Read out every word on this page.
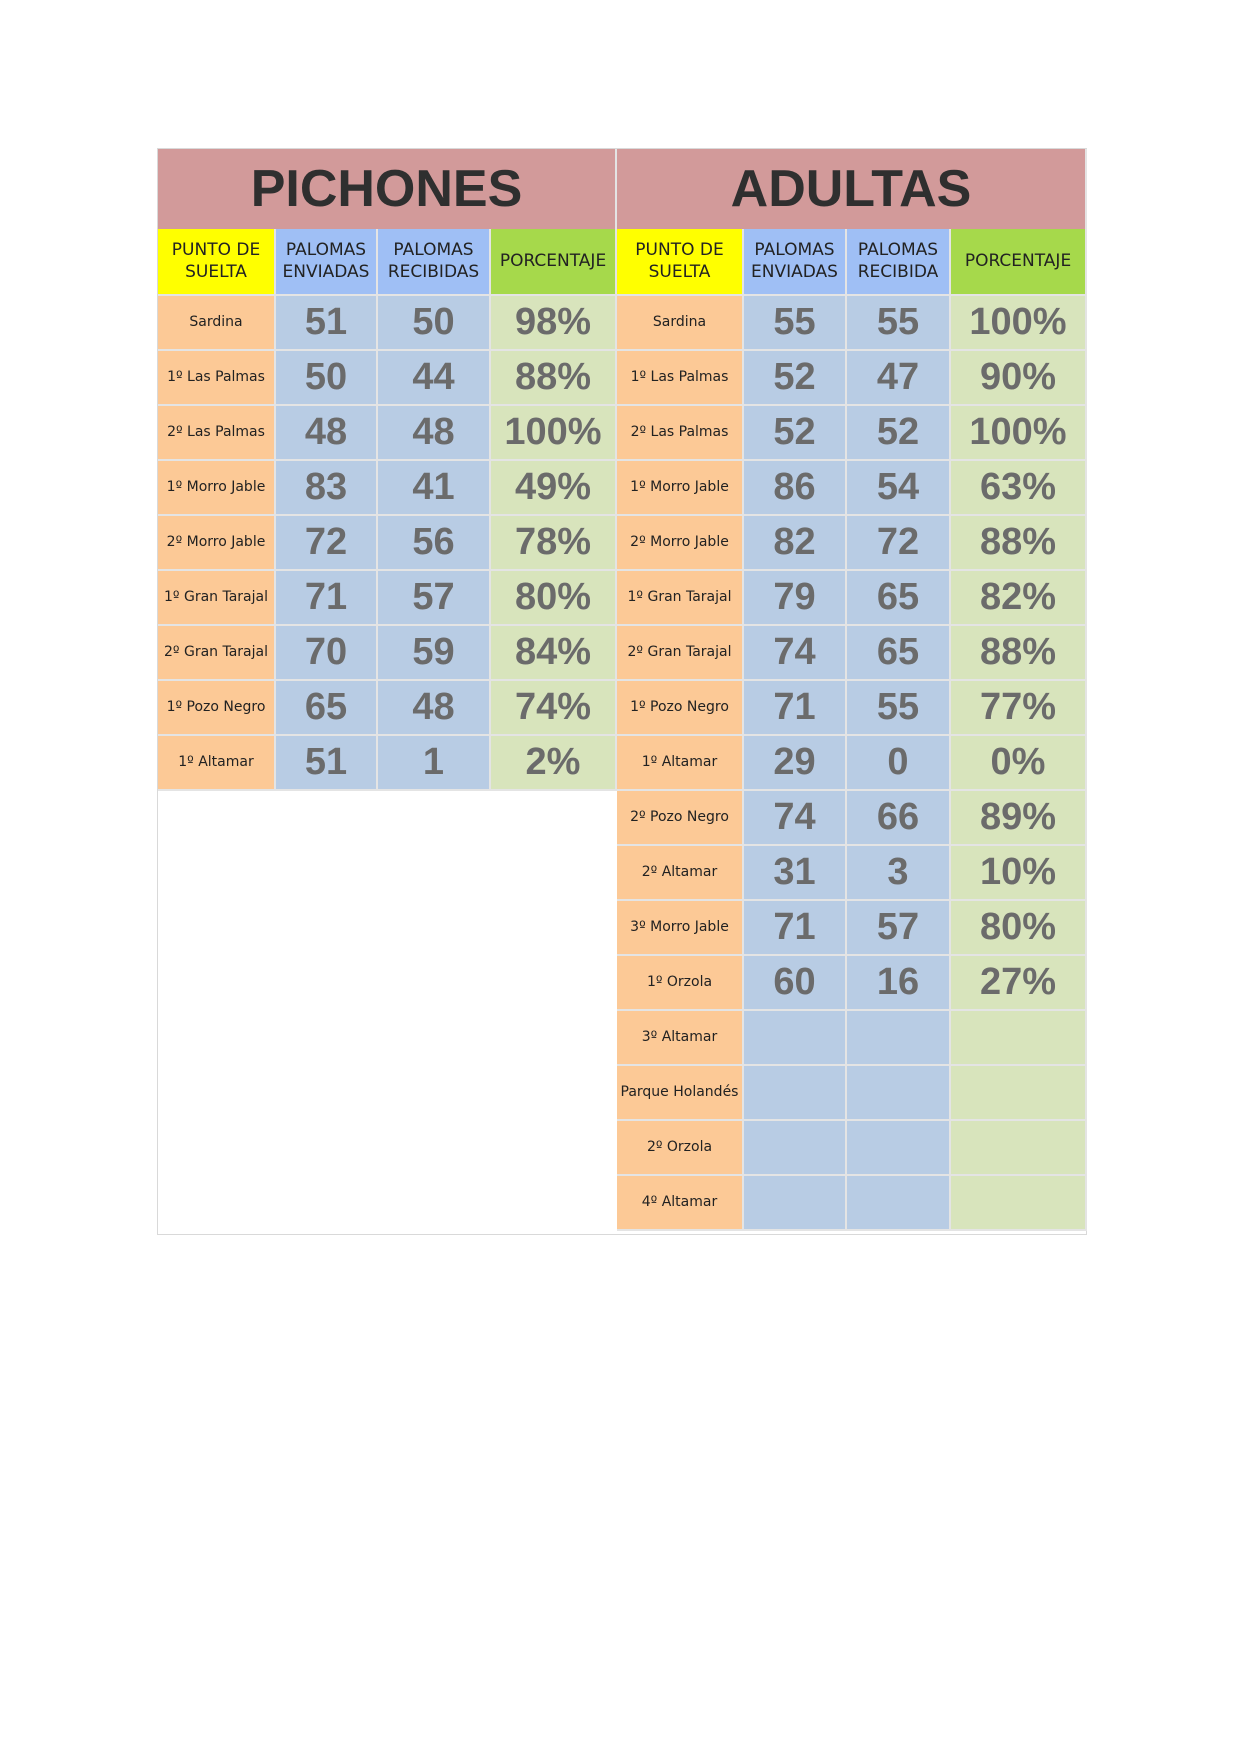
PICHONES
PUNTO DE SUELTA
PALOMAS ENVIADAS
PALOMAS RECIBIDAS
PORCENTAJE
Sardina	51	50	98%
1º Las Palmas	50	44	88%
2º Las Palmas	48	48	100%
1º Morro Jable	83	41	49%
2º Morro Jable	72	56	78%
1º Gran Tarajal 71	57	80%
2º Gran Tarajal 70	59	84%
1º Pozo Negro	65	48	74%
1º Altamar	51	1	2%
ADULTAS
PUNTO DE SUELTA
PALOMAS ENVIADAS
PALOMAS RECIBIDA
PORCENTAJE
Sardina	55	55	100%
1º Las Palmas	52	47	90%
2º Las Palmas	52	52	100%
1º Morro Jable	86	54	63%
2º Morro Jable	82	72	88%
1º Gran Tarajal	79	65	82%
2º Gran Tarajal	74	65	88%
1º Pozo Negro	71	55	77%
1º Altamar	29	0	0%
2º Pozo Negro	74	66	89%
2º Altamar	31	3	10%
3º Morro Jable	71	57	80%
1º Orzola	60	16	27%
3º Altamar
Parque Holandés
2º Orzola
4º Altamar
